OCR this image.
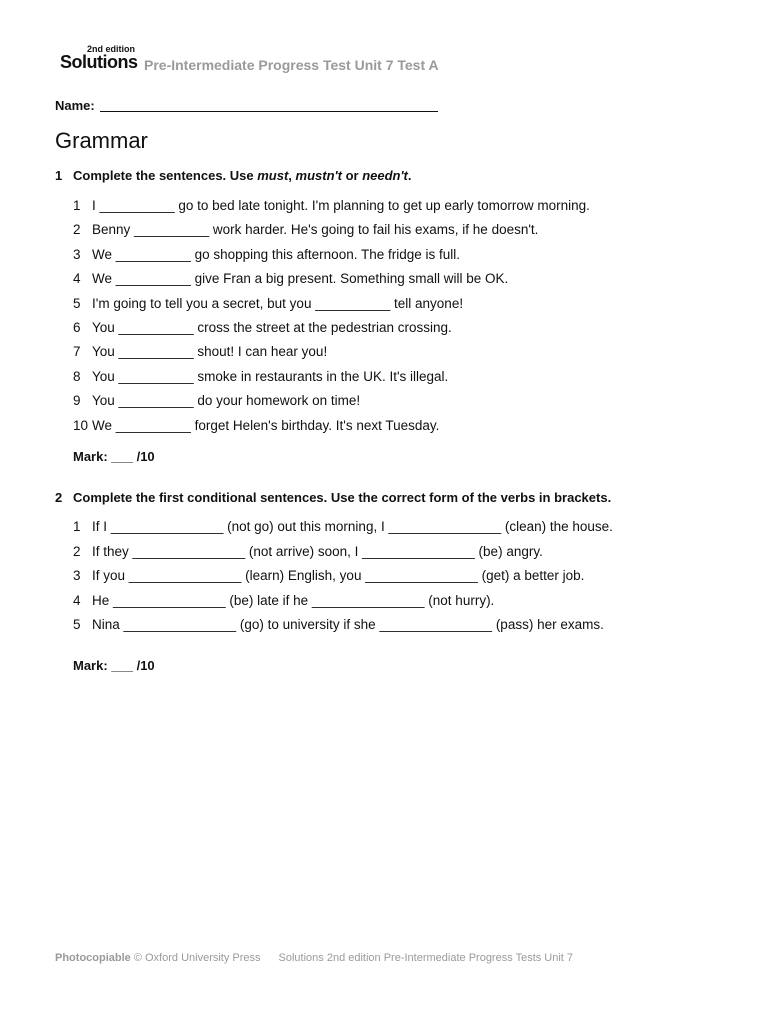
2nd edition
Solutions Pre-Intermediate Progress Test Unit 7 Test A
Name:
Grammar
1 Complete the sentences. Use must, mustn't or needn't.
1 I __________ go to bed late tonight. I'm planning to get up early tomorrow morning.
2 Benny __________ work harder. He's going to fail his exams, if he doesn't.
3 We __________ go shopping this afternoon. The fridge is full.
4 We __________ give Fran a big present. Something small will be OK.
5 I'm going to tell you a secret, but you __________ tell anyone!
6 You __________ cross the street at the pedestrian crossing.
7 You __________ shout! I can hear you!
8 You __________ smoke in restaurants in the UK. It's illegal.
9 You __________ do your homework on time!
10 We __________ forget Helen's birthday. It's next Tuesday.
Mark: ___ /10
2 Complete the first conditional sentences. Use the correct form of the verbs in brackets.
1 If I _______________ (not go) out this morning, I _______________ (clean) the house.
2 If they _______________ (not arrive) soon, I _______________ (be) angry.
3 If you _______________ (learn) English, you _______________ (get) a better job.
4 He _______________ (be) late if he _______________ (not hurry).
5 Nina _______________ (go) to university if she _______________ (pass) her exams.
Mark: ___ /10
Photocopiable © Oxford University Press Solutions 2nd edition Pre-Intermediate Progress Tests Unit 7
